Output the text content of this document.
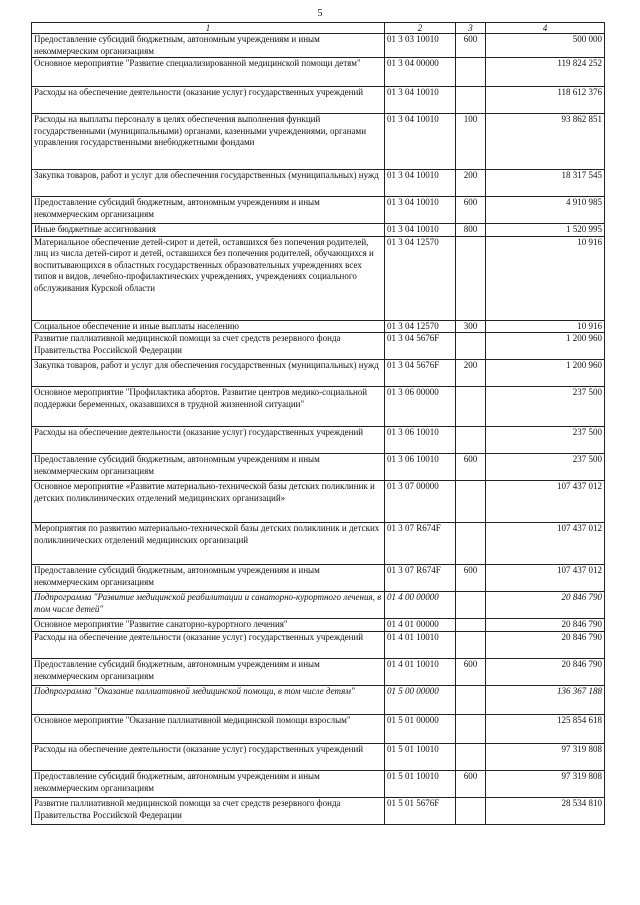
5
1	2	3	4
Предоставление субсидий бюджетным, автономным учреждениям и иным некоммерческим организациям	01 3 03 10010	600	500 000
Основное мероприятие "Развитие специализированной медицинской помощи детям"	01 3 04 00000		119 824 252
Расходы на обеспечение деятельности (оказание услуг) государственных учреждений	01 3 04 10010		118 612 376
Расходы на выплаты персоналу в целях обеспечения выполнения функций государственными (муниципальными) органами, казенными учреждениями, органами управления государственными внебюджетными фондами	01 3 04 10010	100	93 862 851
Закупка товаров, работ и услуг для обеспечения государственных (муниципальных) нужд	01 3 04 10010	200	18 317 545
Предоставление субсидий бюджетным, автономным учреждениям и иным некоммерческим организациям	01 3 04 10010	600	4 910 985
Иные бюджетные ассигнования	01 3 04 10010	800	1 520 995
Материальное обеспечение детей-сирот и детей, оставшихся без попечения родителей, лиц из числа детей-сирот и детей, оставшихся без попечения родителей, обучающихся и воспитывающихся в областных государственных образовательных учреждениях всех типов и видов, лечебно-профилактических учреждениях, учреждениях социального обслуживания Курской области	01 3 04 12570		10 916
Социальное обеспечение и иные выплаты населению	01 3 04 12570	300	10 916
Развитие паллиативной медицинской помощи за счет средств резервного фонда Правительства Российской Федерации	01 3 04 5676F		1 200 960
Закупка товаров, работ и услуг для обеспечения государственных (муниципальных) нужд	01 3 04 5676F	200	1 200 960
Основное мероприятие "Профилактика абортов. Развитие центров медико-социальной поддержки беременных, оказавшихся в трудной жизненной ситуации"	01 3 06 00000		237 500
Расходы на обеспечение деятельности (оказание услуг) государственных учреждений	01 3 06 10010		237 500
Предоставление субсидий бюджетным, автономным учреждениям и иным некоммерческим организациям	01 3 06 10010	600	237 500
Основное мероприятие «Развитие материально-технической базы детских поликлиник и детских поликлинических отделений медицинских организаций»	01 3 07 00000		107 437 012
Мероприятия по развитию материально-технической базы детских поликлиник и детских поликлинических отделений медицинских организаций	01 3 07 R674F		107 437 012
Предоставление субсидий бюджетным, автономным учреждениям и иным некоммерческим организациям	01 3 07 R674F	600	107 437 012
Подпрограмма "Развитие медицинской реабилитации и санаторно-курортного лечения, в том числе детей"	01 4 00 00000		20 846 790
Основное мероприятие "Развитие санаторно-курортного лечения"	01 4 01 00000		20 846 790
Расходы на обеспечение деятельности (оказание услуг) государственных учреждений	01 4 01 10010		20 846 790
Предоставление субсидий бюджетным, автономным учреждениям и иным некоммерческим организациям	01 4 01 10010	600	20 846 790
Подпрограмма "Оказание паллиативной медицинской помощи, в том числе детям"	01 5 00 00000		136 367 188
Основное мероприятие "Оказание паллиативной медицинской помощи взрослым"	01 5 01 00000		125 854 618
Расходы на обеспечение деятельности (оказание услуг) государственных учреждений	01 5 01 10010		97 319 808
Предоставление субсидий бюджетным, автономным учреждениям и иным некоммерческим организациям	01 5 01 10010	600	97 319 808
Развитие паллиативной медицинской помощи за счет средств резервного фонда Правительства Российской Федерации	01 5 01 5676F		28 534 810
